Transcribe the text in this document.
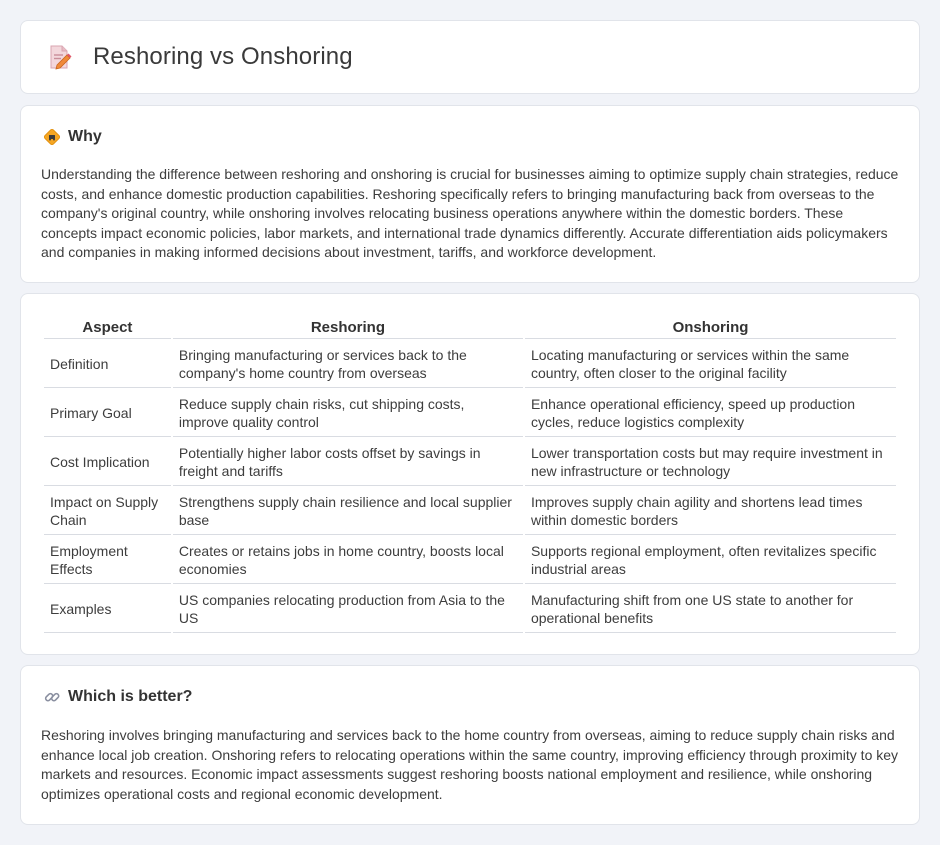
Reshoring vs Onshoring
Why

Understanding the difference between reshoring and onshoring is crucial for businesses aiming to optimize supply chain strategies, reduce costs, and enhance domestic production capabilities. Reshoring specifically refers to bringing manufacturing back from overseas to the company's original country, while onshoring involves relocating business operations anywhere within the domestic borders. These concepts impact economic policies, labor markets, and international trade dynamics differently. Accurate differentiation aids policymakers and companies in making informed decisions about investment, tariffs, and workforce development.

Aspect	Reshoring	Onshoring
Definition	Bringing manufacturing or services back to the company's home country from overseas	Locating manufacturing or services within the same country, often closer to the original facility
Primary Goal	Reduce supply chain risks, cut shipping costs, improve quality control	Enhance operational efficiency, speed up production cycles, reduce logistics complexity
Cost Implication	Potentially higher labor costs offset by savings in freight and tariffs	Lower transportation costs but may require investment in new infrastructure or technology
Impact on Supply Chain	Strengthens supply chain resilience and local supplier base	Improves supply chain agility and shortens lead times within domestic borders
Employment Effects	Creates or retains jobs in home country, boosts local economies	Supports regional employment, often revitalizes specific industrial areas
Examples	US companies relocating production from Asia to the US	Manufacturing shift from one US state to another for operational benefits
Which is better?

Reshoring involves bringing manufacturing and services back to the home country from overseas, aiming to reduce supply chain risks and enhance local job creation. Onshoring refers to relocating operations within the same country, improving efficiency through proximity to key markets and resources. Economic impact assessments suggest reshoring boosts national employment and resilience, while onshoring optimizes operational costs and regional economic development.
